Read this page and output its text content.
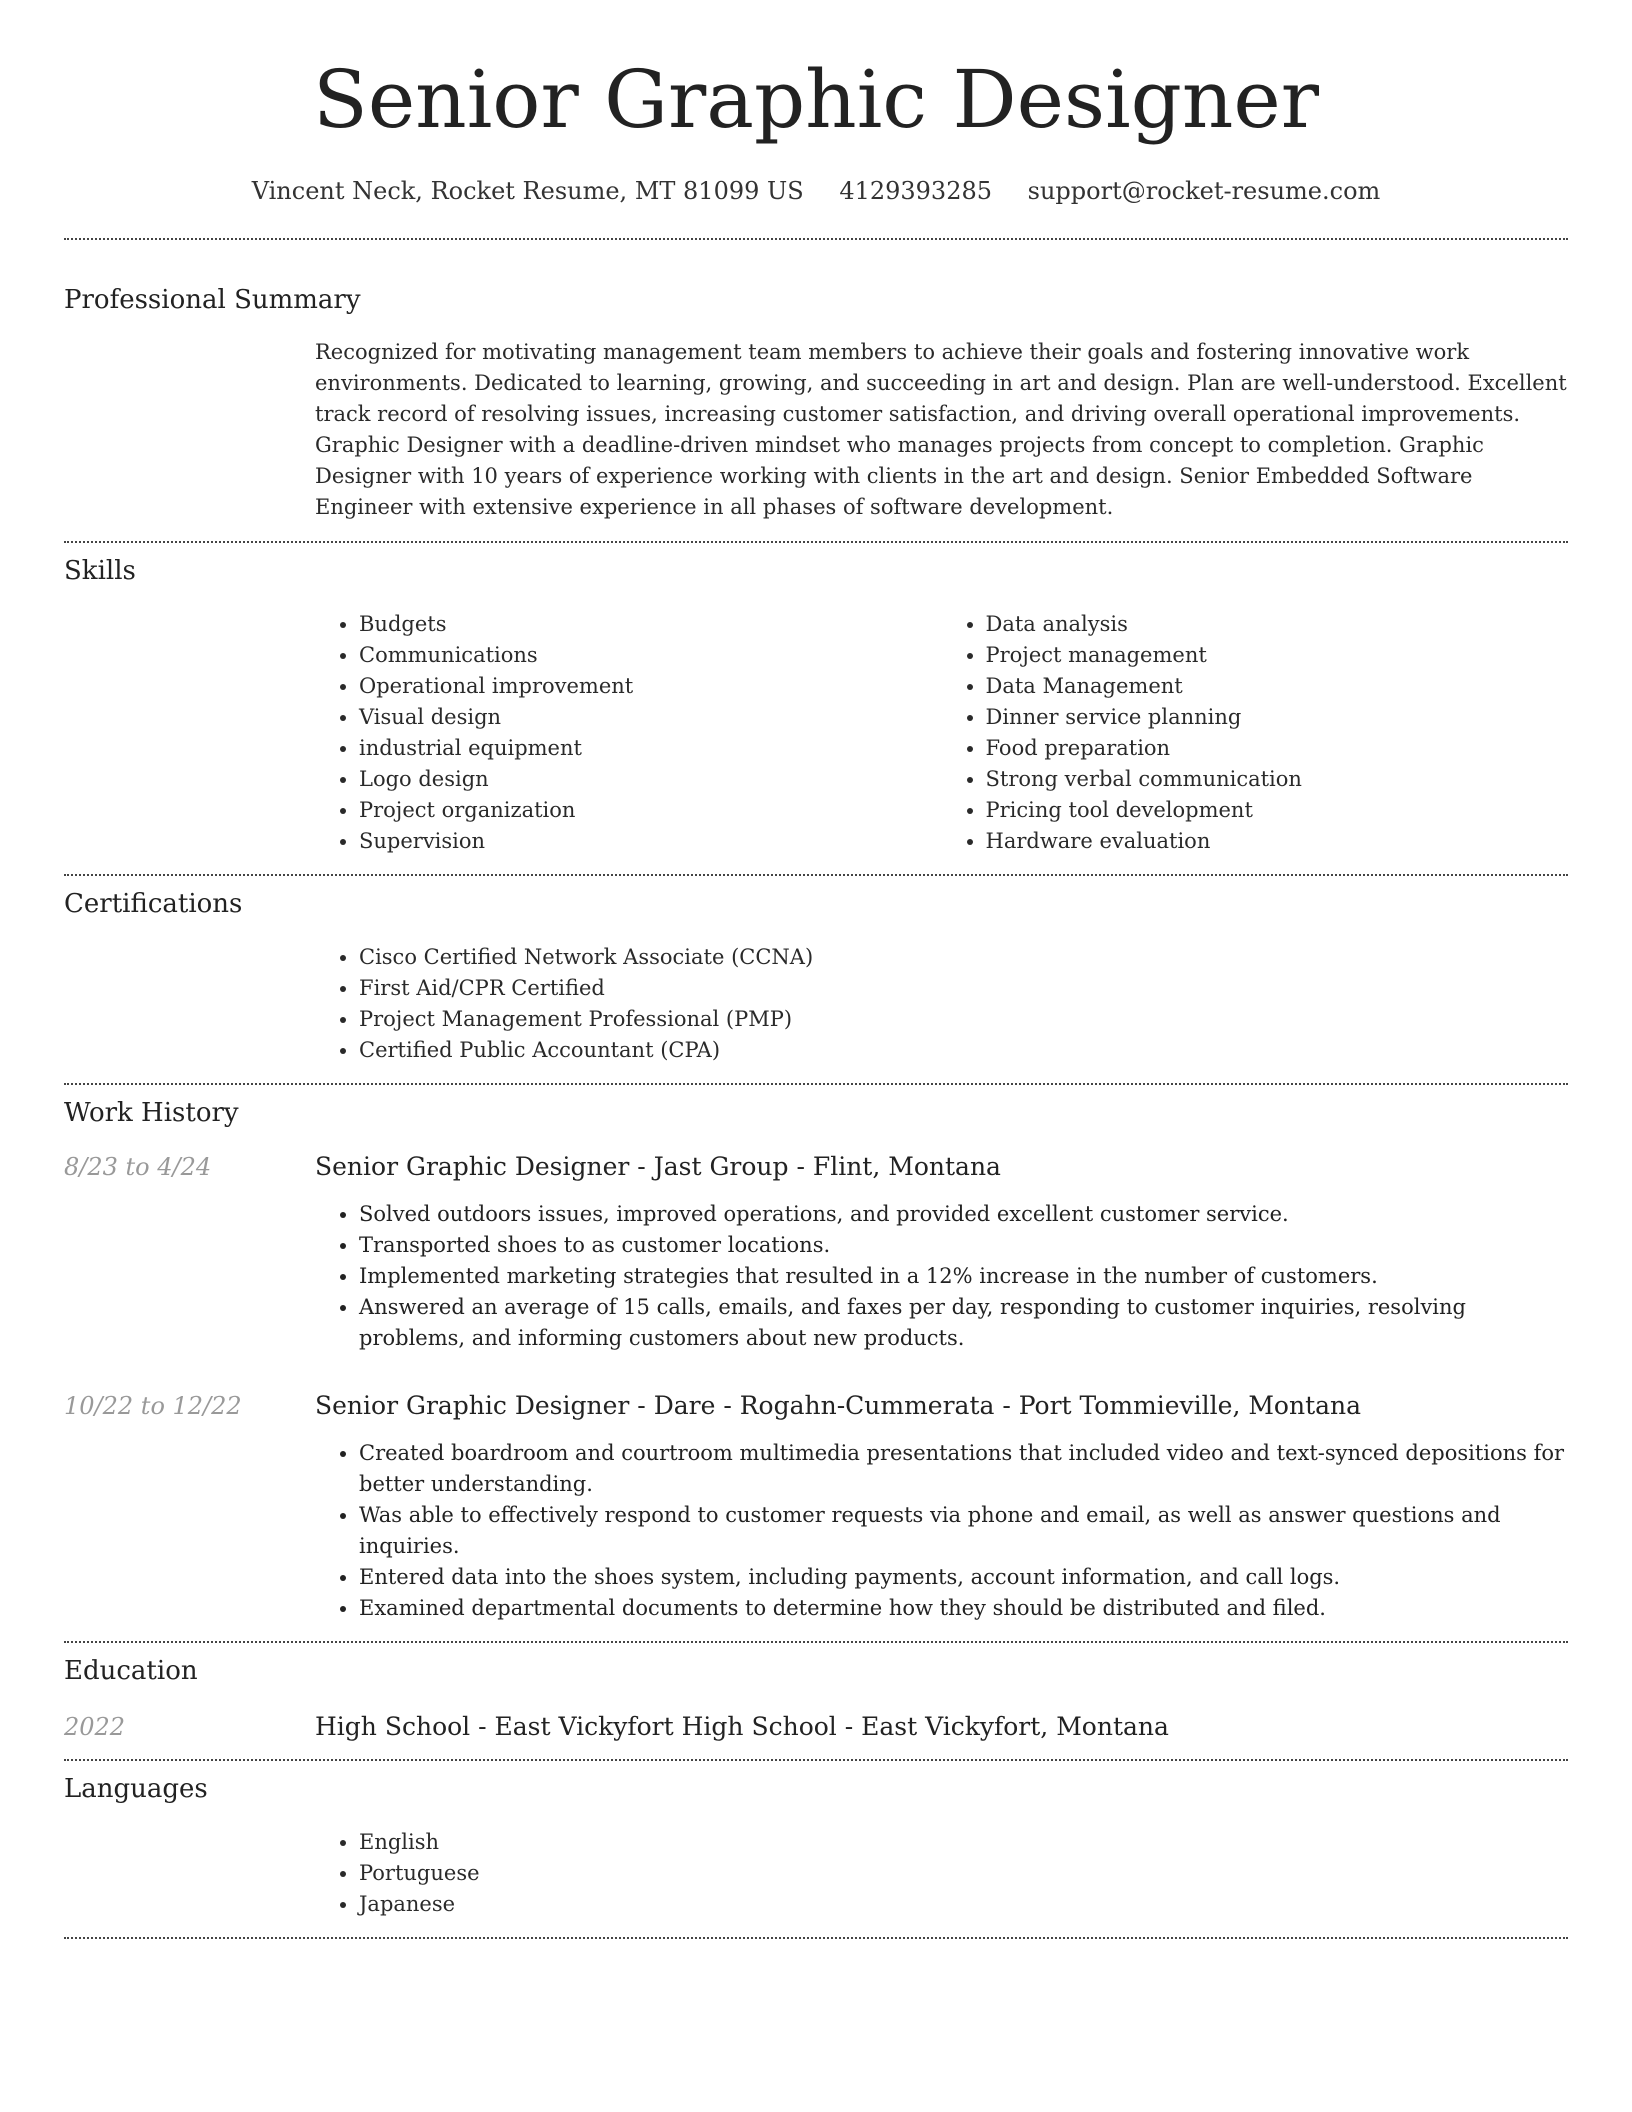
Senior Graphic Designer
Vincent Neck, Rocket Resume, MT 81099 US 4129393285 support@rocket-resume.com
Professional Summary

Recognized for motivating management team members to achieve their goals and fostering innovative work environments. Dedicated to learning, growing, and succeeding in art and design. Plan are well-understood. Excellent track record of resolving issues, increasing customer satisfaction, and driving overall operational improvements. Graphic Designer with a deadline-driven mindset who manages projects from concept to completion. Graphic Designer with 10 years of experience working with clients in the art and design. Senior Embedded Software Engineer with extensive experience in all phases of software development.

Skills
• Budgets
• Communications
• Operational improvement
• Visual design
• industrial equipment
• Logo design
• Project organization
• Supervision
• Data analysis
• Project management
• Data Management
• Dinner service planning
• Food preparation
• Strong verbal communication
• Pricing tool development
• Hardware evaluation
Certifications
• Cisco Certified Network Associate (CCNA)
• First Aid/CPR Certified
• Project Management Professional (PMP)
• Certified Public Accountant (CPA)
Work History
8/23 to 4/24	Senior Graphic Designer - Jast Group - Flint, Montana
• Solved outdoors issues, improved operations, and provided excellent customer service.
• Transported shoes to as customer locations.
• Implemented marketing strategies that resulted in a 12% increase in the number of customers.
• Answered an average of 15 calls, emails, and faxes per day, responding to customer inquiries, resolving problems, and informing customers about new products.
10/22 to 12/22	Senior Graphic Designer - Dare - Rogahn-Cummerata - Port Tommieville, Montana
• Created boardroom and courtroom multimedia presentations that included video and text-synced depositions for better understanding.
• Was able to effectively respond to customer requests via phone and email, as well as answer questions and inquiries.
• Entered data into the shoes system, including payments, account information, and call logs.
• Examined departmental documents to determine how they should be distributed and filed.
Education
2022	High School - East Vickyfort High School - East Vickyfort, Montana
Languages
• English
• Portuguese
• Japanese
